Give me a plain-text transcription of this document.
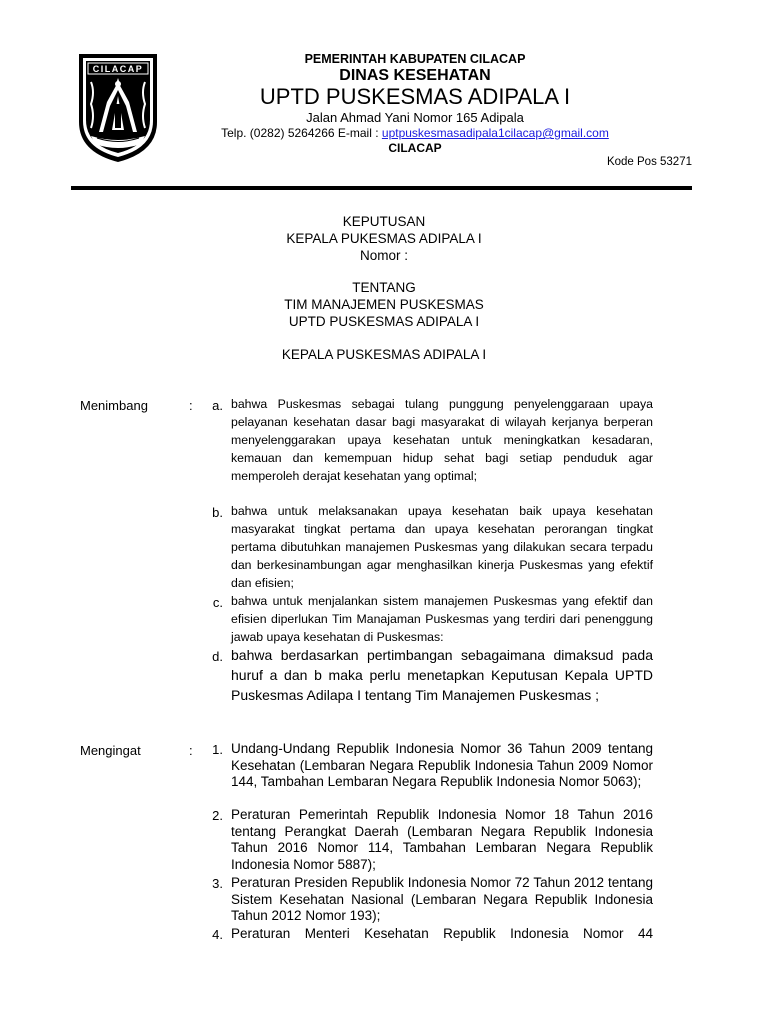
CILACAP
PEMERINTAH KABUPATEN CILACAP
DINAS KESEHATAN
UPTD PUSKESMAS ADIPALA I
Jalan Ahmad Yani Nomor 165 Adipala
Telp. (0282) 5264266 E-mail : uptpuskesmasadipala1cilacap@gmail.com
CILACAP
Kode Pos 53271
KEPUTUSAN
KEPALA PUKESMAS ADIPALA I
Nomor :
TENTANG
TIM MANAJEMEN PUSKESMAS
UPTD PUSKESMAS ADIPALA I
KEPALA PUSKESMAS ADIPALA I
Menimbang	:	a. bahwa Puskesmas sebagai tulang punggung penyelenggaraan upaya pelayanan kesehatan dasar bagi masyarakat di wilayah kerjanya berperan menyelenggarakan upaya kesehatan untuk meningkatkan kesadaran, kemauan dan kemempuan hidup sehat bagi setiap penduduk agar memperoleh derajat kesehatan yang optimal;
b. bahwa untuk melaksanakan upaya kesehatan baik upaya kesehatan masyarakat tingkat pertama dan upaya kesehatan perorangan tingkat pertama dibutuhkan manajemen Puskesmas yang dilakukan secara terpadu dan berkesinambungan agar menghasilkan kinerja Puskesmas yang efektif dan efisien;
c. bahwa untuk menjalankan sistem manajemen Puskesmas yang efektif dan efisien diperlukan Tim Manajaman Puskesmas yang terdiri dari penenggung jawab upaya kesehatan di Puskesmas:
d. bahwa berdasarkan pertimbangan sebagaimana dimaksud pada huruf a dan b maka perlu menetapkan Keputusan Kepala UPTD Puskesmas Adilapa I tentang Tim Manajemen Puskesmas ;
Mengingat	:	1. Undang-Undang Republik Indonesia Nomor 36 Tahun 2009 tentang Kesehatan (Lembaran Negara Republik Indonesia Tahun 2009 Nomor 144, Tambahan Lembaran Negara Republik Indonesia Nomor 5063);
2. Peraturan Pemerintah Republik Indonesia Nomor 18 Tahun 2016 tentang Perangkat Daerah (Lembaran Negara Republik Indonesia Tahun 2016 Nomor 114, Tambahan Lembaran Negara Republik Indonesia Nomor 5887);
3. Peraturan Presiden Republik Indonesia Nomor 72 Tahun 2012 tentang Sistem Kesehatan Nasional (Lembaran Negara Republik Indonesia Tahun 2012 Nomor 193);
4. Peraturan Menteri Kesehatan Republik Indonesia Nomor 44
